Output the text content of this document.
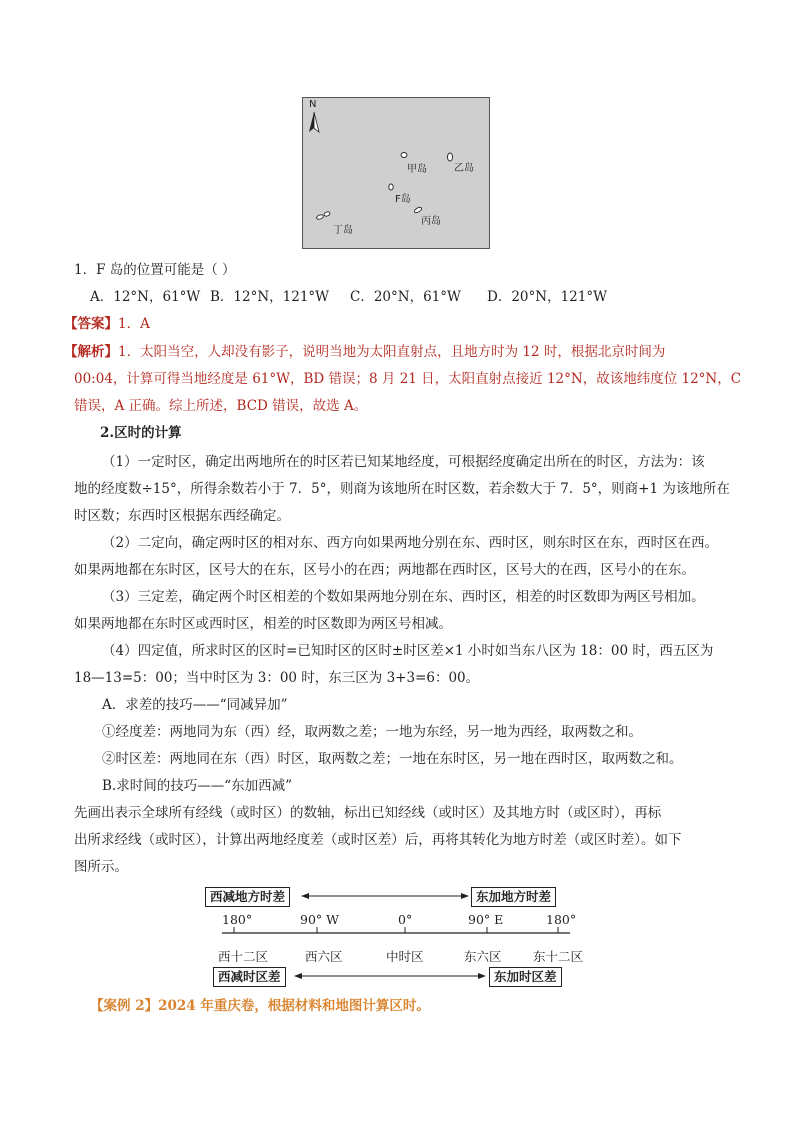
N
甲岛	乙岛
F岛
丙岛
丁岛
1．F 岛的位置可能是（ ）
A．12°N，61°W B．12°N，121°W C．20°N，61°W D．20°N，121°W
【答案】1．A
【解析】1．太阳当空，人却没有影子，说明当地为太阳直射点，且地方时为 12 时，根据北京时间为
00:04，计算可得当地经度是 61°W，BD 错误；8 月 21 日，太阳直射点接近 12°N，故该地纬度位 12°N，C
错误，A 正确。综上所述，BCD 错误，故选 A。
2.区时的计算
（1）一定时区，确定出两地所在的时区若已知某地经度，可根据经度确定出所在的时区，方法为：该
地的经度数÷15°，所得余数若小于 7．5°，则商为该地所在时区数，若余数大于 7．5°，则商+1 为该地所在
时区数；东西时区根据东西经确定。
（2）二定向，确定两时区的相对东、西方向如果两地分别在东、西时区，则东时区在东，西时区在西。
如果两地都在东时区，区号大的在东，区号小的在西；两地都在西时区，区号大的在西，区号小的在东。
（3）三定差，确定两个时区相差的个数如果两地分别在东、西时区，相差的时区数即为两区号相加。
如果两地都在东时区或西时区，相差的时区数即为两区号相减。
（4）四定值，所求时区的区时=已知时区的区时±时区差×1 小时如当东八区为 18：00 时，西五区为
18—13=5：00；当中时区为 3：00 时，东三区为 3+3=6：00。
A．求差的技巧——“同减异加”
①经度差：两地同为东（西）经，取两数之差；一地为东经，另一地为西经，取两数之和。
②时区差：两地同在东（西）时区，取两数之差；一地在东时区，另一地在西时区，取两数之和。
B.求时间的技巧——“东加西减”
先画出表示全球所有经线（或时区）的数轴，标出已知经线（或时区）及其地方时（或区时），再标
出所求经线（或时区），计算出两地经度差（或时区差）后，再将其转化为地方时差（或区时差）。如下
图所示。
西减地方时差	东加地方时差
180°	90° W	0°	90° E	180°
西十二区	西六区	中时区	东六区	东十二区
西减时区差	东加时区差
【案例 2】2024 年重庆卷，根据材料和地图计算区时。
